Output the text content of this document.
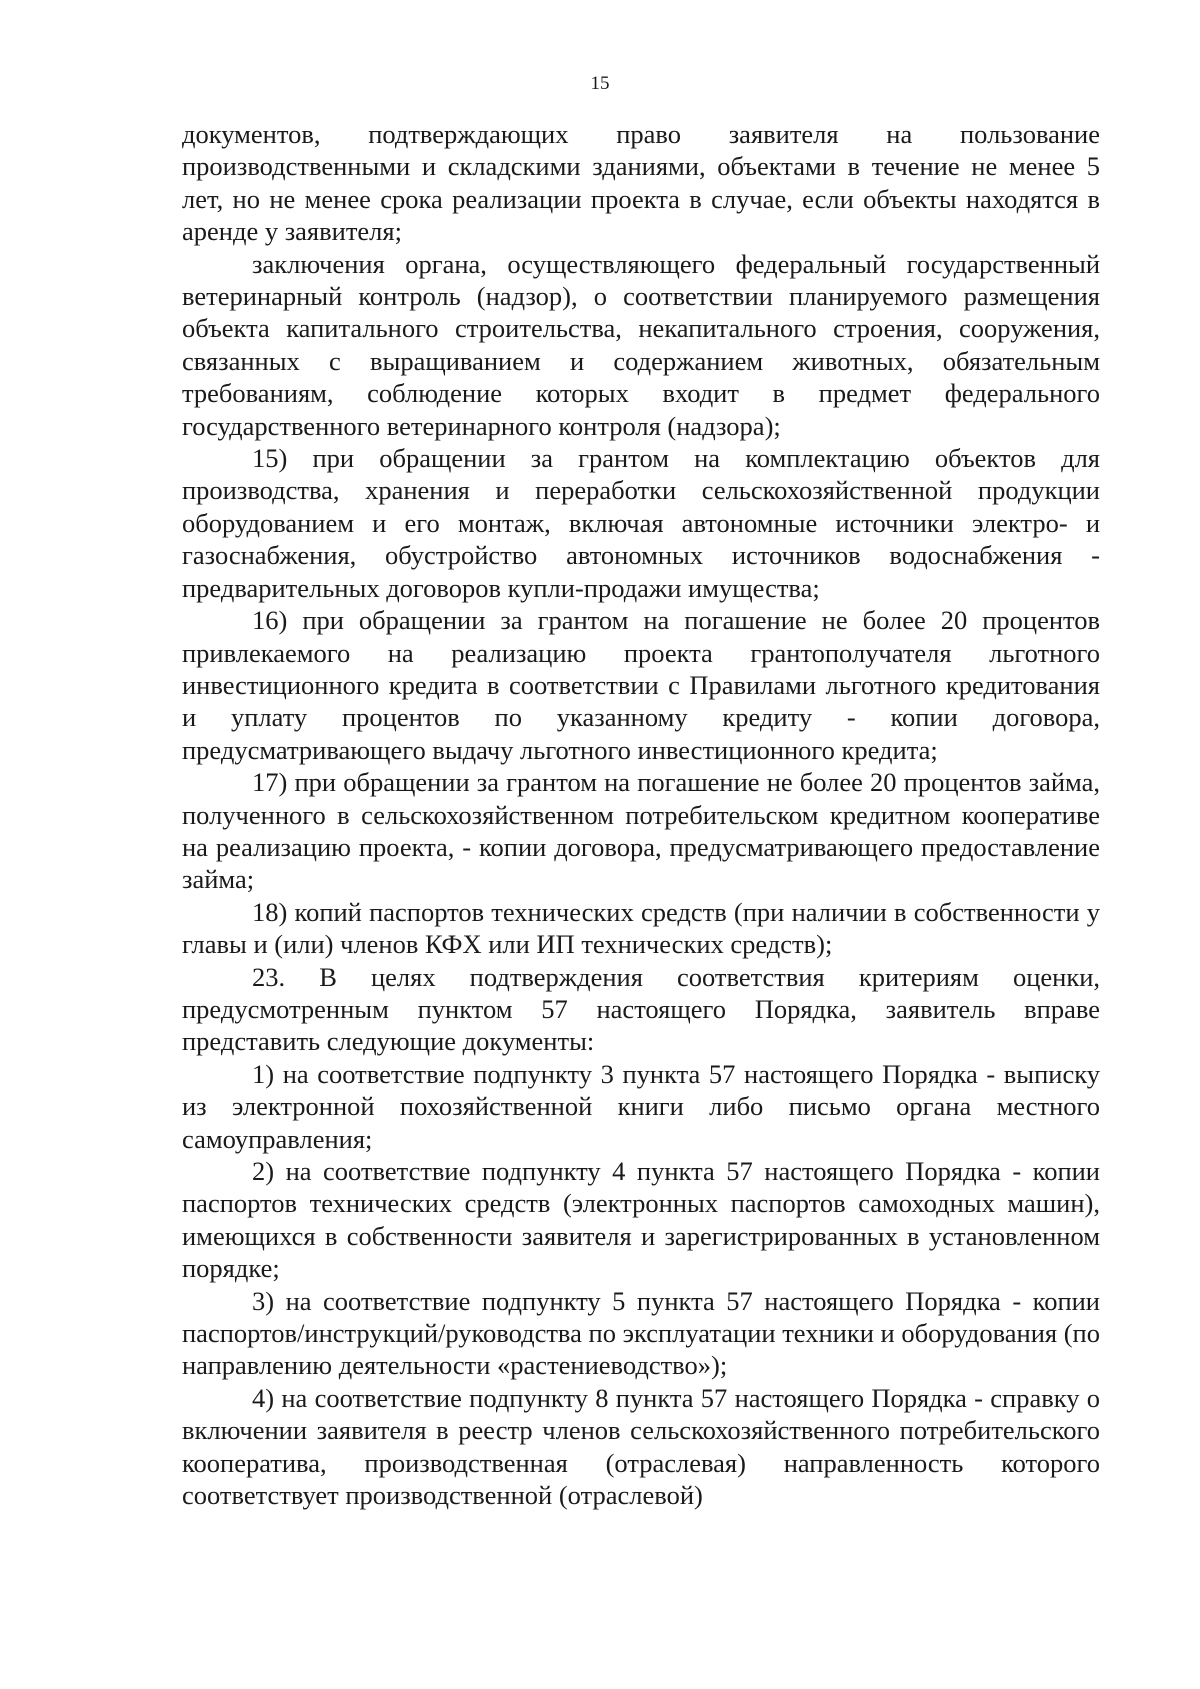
15

документов, подтверждающих право заявителя на пользование производственными и складскими зданиями, объектами в течение не менее 5 лет, но не менее срока реализации проекта в случае, если объекты находятся в аренде у заявителя;

заключения органа, осуществляющего федеральный государственный ветеринарный контроль (надзор), о соответствии планируемого размещения объекта капитального строительства, некапитального строения, сооружения, связанных с выращиванием и содержанием животных, обязательным требованиям, соблюдение которых входит в предмет федерального государственного ветеринарного контроля (надзора);

15) при обращении за грантом на комплектацию объектов для производства, хранения и переработки сельскохозяйственной продукции оборудованием и его монтаж, включая автономные источники электро- и газоснабжения, обустройство автономных источников водоснабжения - предварительных договоров купли-продажи имущества;

16) при обращении за грантом на погашение не более 20 процентов привлекаемого на реализацию проекта грантополучателя льготного инвестиционного кредита в соответствии с Правилами льготного кредитования и уплату процентов по указанному кредиту - копии договора, предусматривающего выдачу льготного инвестиционного кредита;

17) при обращении за грантом на погашение не более 20 процентов займа, полученного в сельскохозяйственном потребительском кредитном кооперативе на реализацию проекта, - копии договора, предусматривающего предоставление займа;

18) копий паспортов технических средств (при наличии в собственности у главы и (или) членов КФХ или ИП технических средств);

23. В целях подтверждения соответствия критериям оценки, предусмотренным пунктом 57 настоящего Порядка, заявитель вправе представить следующие документы:

1) на соответствие подпункту 3 пункта 57 настоящего Порядка - выписку из электронной похозяйственной книги либо письмо органа местного самоуправления;

2) на соответствие подпункту 4 пункта 57 настоящего Порядка - копии паспортов технических средств (электронных паспортов самоходных машин), имеющихся в собственности заявителя и зарегистрированных в установленном порядке;

3) на соответствие подпункту 5 пункта 57 настоящего Порядка - копии паспортов/инструкций/руководства по эксплуатации техники и оборудования (по направлению деятельности «растениеводство»);

4) на соответствие подпункту 8 пункта 57 настоящего Порядка - справку о включении заявителя в реестр членов сельскохозяйственного потребительского кооператива, производственная (отраслевая) направленность которого соответствует производственной (отраслевой)
